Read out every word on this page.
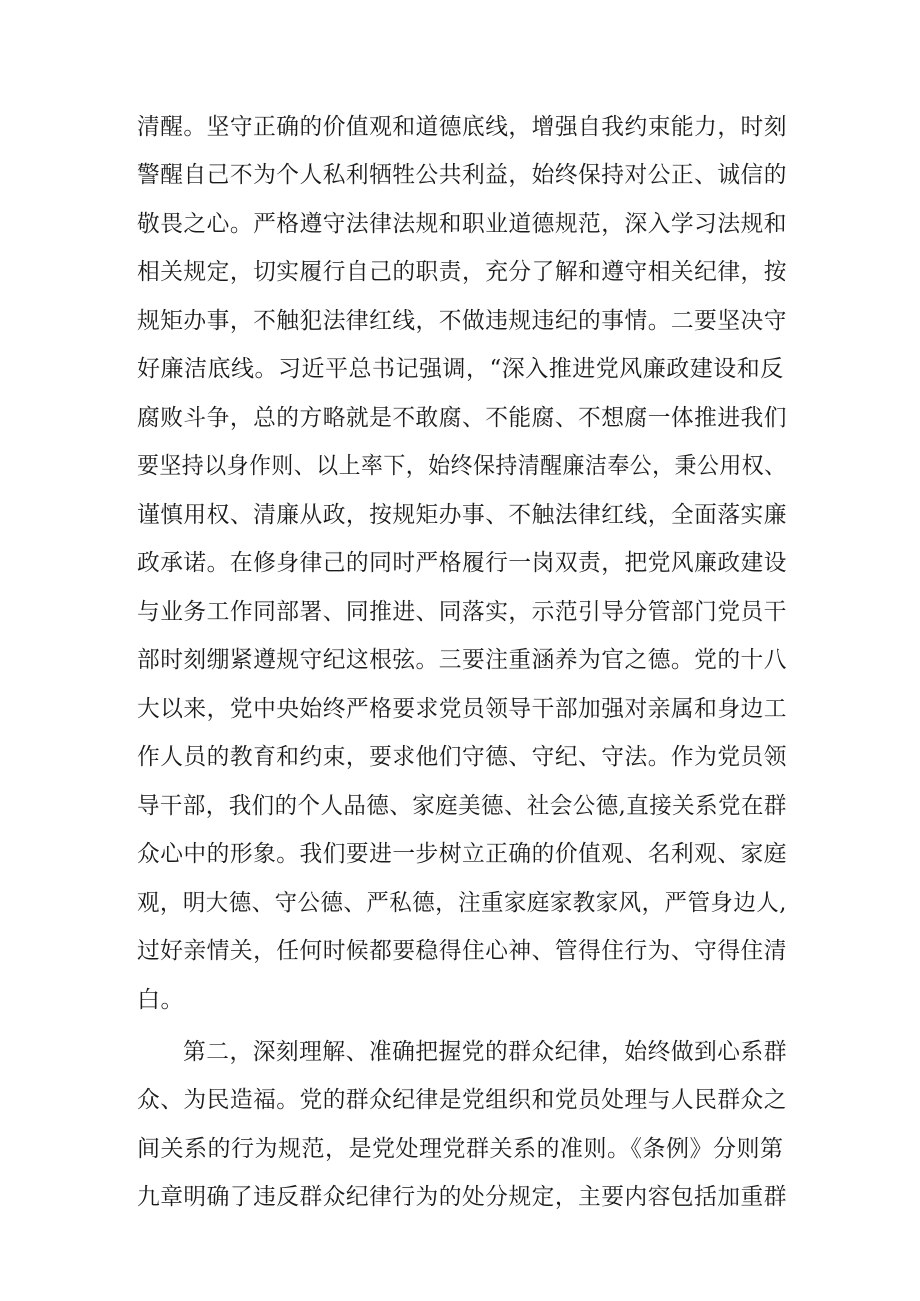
清醒。坚守正确的价值观和道德底线，增强自我约束能力，时刻
警醒自己不为个人私利牺牲公共利益，始终保持对公正、诚信的
敬畏之心。严格遵守法律法规和职业道德规范，深入学习法规和
相关规定，切实履行自己的职责，充分了解和遵守相关纪律，按
规矩办事，不触犯法律红线，不做违规违纪的事情。二要坚决守
好廉洁底线。习近平总书记强调，“深入推进党风廉政建设和反
腐败斗争，总的方略就是不敢腐、不能腐、不想腐一体推进我们
要坚持以身作则、以上率下，始终保持清醒廉洁奉公，秉公用权、
谨慎用权、清廉从政，按规矩办事、不触法律红线，全面落实廉
政承诺。在修身律己的同时严格履行一岗双责，把党风廉政建设
与业务工作同部署、同推进、同落实，示范引导分管部门党员干
部时刻绷紧遵规守纪这根弦。三要注重涵养为官之德。党的十八
大以来，党中央始终严格要求党员领导干部加强对亲属和身边工
作人员的教育和约束，要求他们守德、守纪、守法。作为党员领
导干部，我们的个人品德、家庭美德、社会公德,直接关系党在群
众心中的形象。我们要进一步树立正确的价值观、名利观、家庭
观，明大德、守公德、严私德，注重家庭家教家风，严管身边人,
过好亲情关，任何时候都要稳得住心神、管得住行为、守得住清
白。
第二，深刻理解、准确把握党的群众纪律，始终做到心系群
众、为民造福。党的群众纪律是党组织和党员处理与人民群众之
间关系的行为规范，是党处理党群关系的准则。《条例》分则第
九章明确了违反群众纪律行为的处分规定，主要内容包括加重群
